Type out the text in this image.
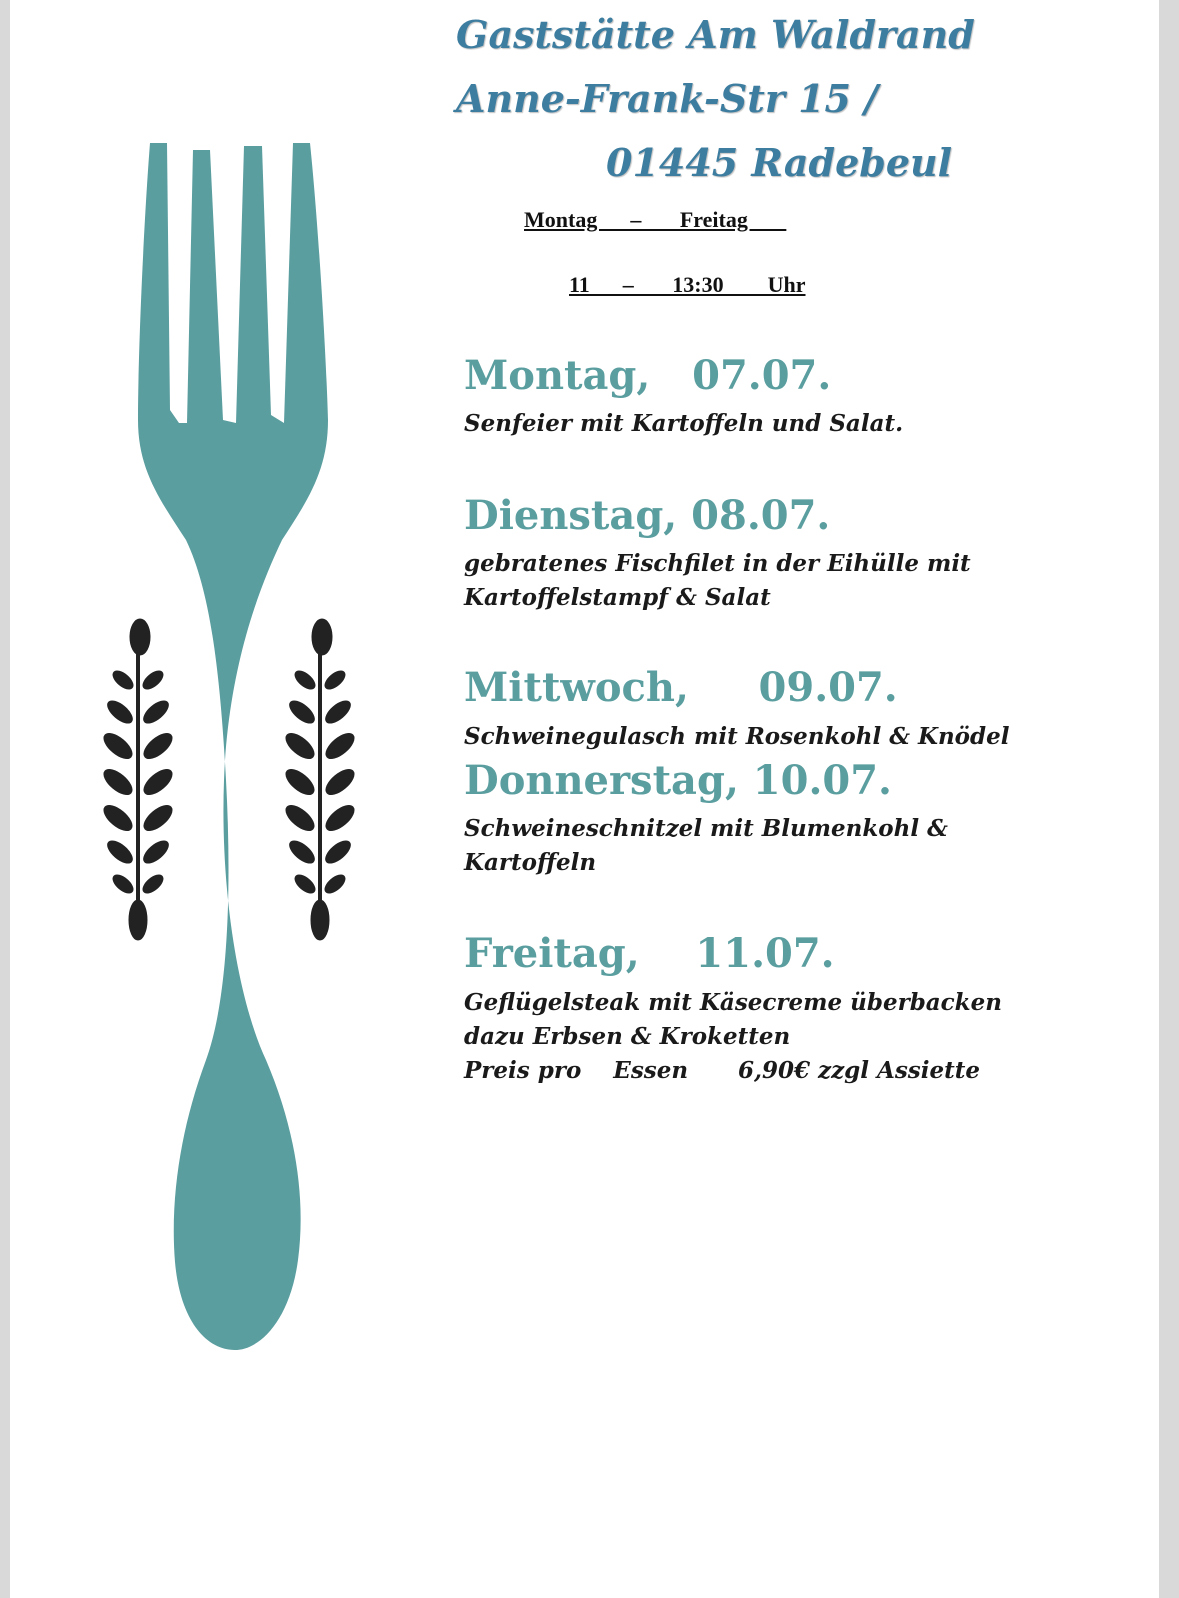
Gaststätte Am Waldrand
Anne-Frank-Str 15 /
01445 Radebeul
Montag      –       Freitag
11      –       13:30        Uhr
Montag,   07.07.
Senfeier mit Kartoffeln und Salat.
Dienstag, 08.07.
gebratenes Fischfilet in der Eihülle mit
Kartoffelstampf & Salat
Mittwoch,     09.07.
Schweinegulasch mit Rosenkohl & Knödel
Donnerstag, 10.07.
Schweineschnitzel mit Blumenkohl &
Kartoffeln
Freitag,    11.07.
Geflügelsteak mit Käsecreme überbacken
dazu Erbsen & Kroketten
Preis pro    Essen 6,90€ zzgl Assiette
